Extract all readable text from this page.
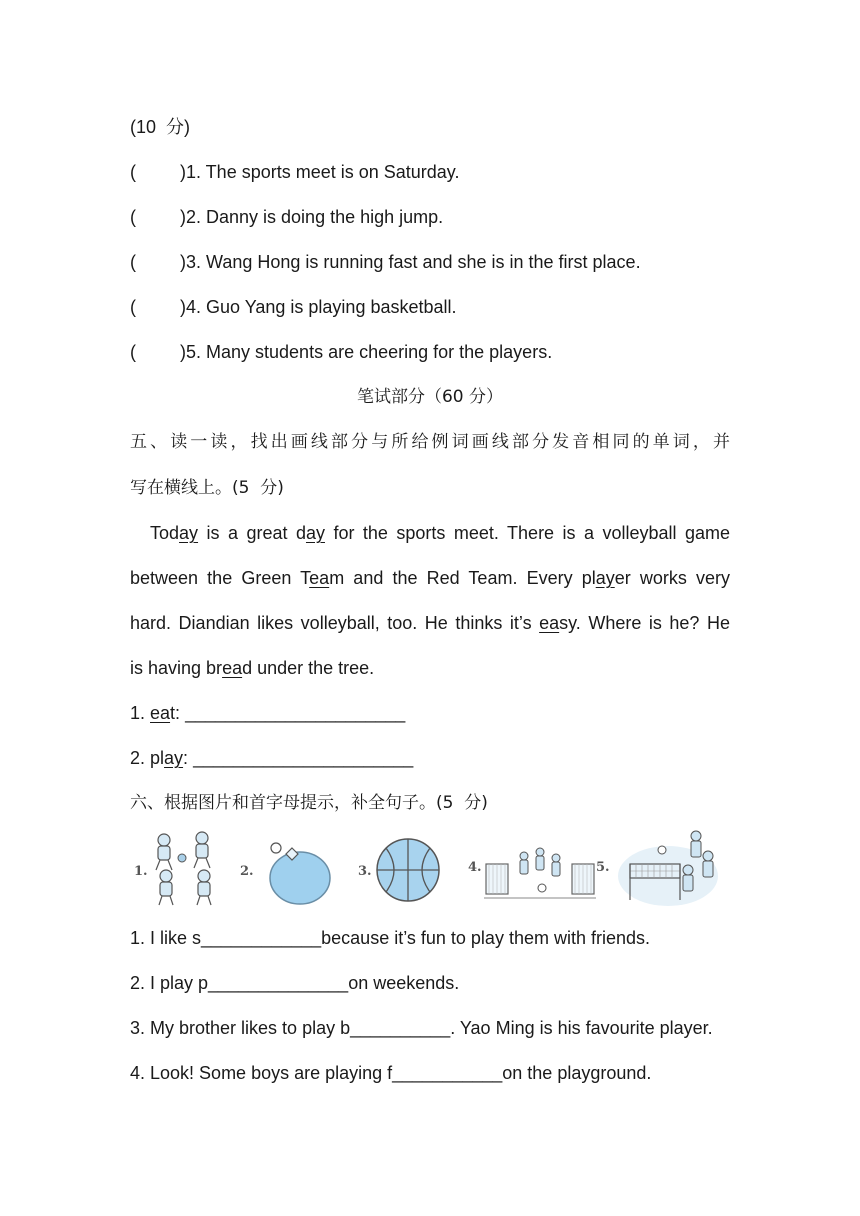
(10  分)
( )1. The sports meet is on Saturday.
( )2. Danny is doing the high jump.
( )3. Wang Hong is running fast and she is in the first place.
( )4. Guo Yang is playing basketball.
( )5. Many students are cheering for the players.
笔试部分（60 分）
五、读一读，找出画线部分与所给例词画线部分发音相同的单词，并
写在横线上。(5  分)
Today is a great day for the sports meet. There is a volleyball game
between the Green Team and the Red Team. Every player works very
hard. Diandian likes volleyball, too. He thinks it’s easy. Where is he? He
is having bread under the tree.
1. eat: ______________________
2. play: ______________________
六、根据图片和首字母提示，补全句子。(5  分)
1.	2.	3.	4.	5.
1. I like s____________because it’s fun to play them with friends.
2. I play p______________on weekends.
3. My brother likes to play b__________. Yao Ming is his favourite player.
4. Look! Some boys are playing f___________on the playground.
